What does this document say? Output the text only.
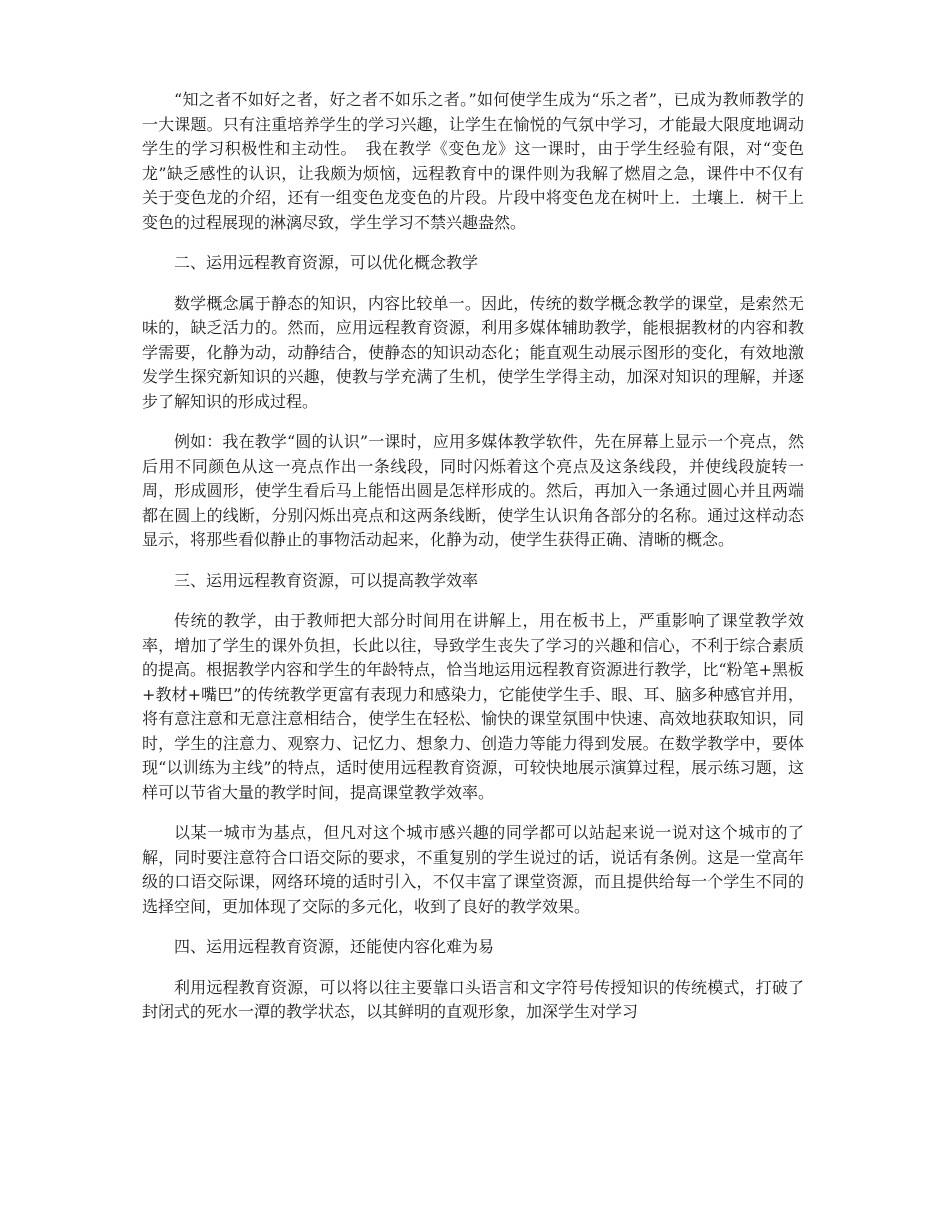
“知之者不如好之者，好之者不如乐之者。”如何使学生成为“乐之者”，已成为教师教学的一大课题。只有注重培养学生的学习兴趣，让学生在愉悦的气氛中学习，才能最大限度地调动学生的学习积极性和主动性。　我在教学《变色龙》这一课时，由于学生经验有限，对“变色龙”缺乏感性的认识，让我颇为烦恼，远程教育中的课件则为我解了燃眉之急，课件中不仅有关于变色龙的介绍，还有一组变色龙变色的片段。片段中将变色龙在树叶上．土壤上．树干上变色的过程展现的淋漓尽致，学生学习不禁兴趣盎然。

二、运用远程教育资源，可以优化概念教学

数学概念属于静态的知识，内容比较单一。因此，传统的数学概念教学的课堂，是索然无味的，缺乏活力的。然而，应用远程教育资源，利用多媒体辅助教学，能根据教材的内容和教学需要，化静为动，动静结合，使静态的知识动态化；能直观生动展示图形的变化，有效地激发学生探究新知识的兴趣，使教与学充满了生机，使学生学得主动，加深对知识的理解，并逐步了解知识的形成过程。

例如：我在教学“圆的认识”一课时，应用多媒体教学软件，先在屏幕上显示一个亮点，然后用不同颜色从这一亮点作出一条线段，同时闪烁着这个亮点及这条线段，并使线段旋转一周，形成圆形，使学生看后马上能悟出圆是怎样形成的。然后，再加入一条通过圆心并且两端都在圆上的线断，分别闪烁出亮点和这两条线断，使学生认识角各部分的名称。通过这样动态显示，将那些看似静止的事物活动起来，化静为动，使学生获得正确、清晰的概念。

三、运用远程教育资源，可以提高教学效率

传统的教学，由于教师把大部分时间用在讲解上，用在板书上，严重影响了课堂教学效率，增加了学生的课外负担，长此以往，导致学生丧失了学习的兴趣和信心，不利于综合素质的提高。根据教学内容和学生的年龄特点，恰当地运用远程教育资源进行教学，比“粉笔+黑板+教材+嘴巴”的传统教学更富有表现力和感染力，它能使学生手、眼、耳、脑多种感官并用，将有意注意和无意注意相结合，使学生在轻松、愉快的课堂氛围中快速、高效地获取知识，同时，学生的注意力、观察力、记忆力、想象力、创造力等能力得到发展。在数学教学中，要体现“以训练为主线”的特点，适时使用远程教育资源，可较快地展示演算过程，展示练习题，这样可以节省大量的教学时间，提高课堂教学效率。

以某一城市为基点，但凡对这个城市感兴趣的同学都可以站起来说一说对这个城市的了解，同时要注意符合口语交际的要求，不重复别的学生说过的话，说话有条例。这是一堂高年级的口语交际课，网络环境的适时引入，不仅丰富了课堂资源，而且提供给每一个学生不同的选择空间，更加体现了交际的多元化，收到了良好的教学效果。

四、运用远程教育资源，还能使内容化难为易

利用远程教育资源，可以将以往主要靠口头语言和文字符号传授知识的传统模式，打破了封闭式的死水一潭的教学状态，以其鲜明的直观形象，加深学生对学习
